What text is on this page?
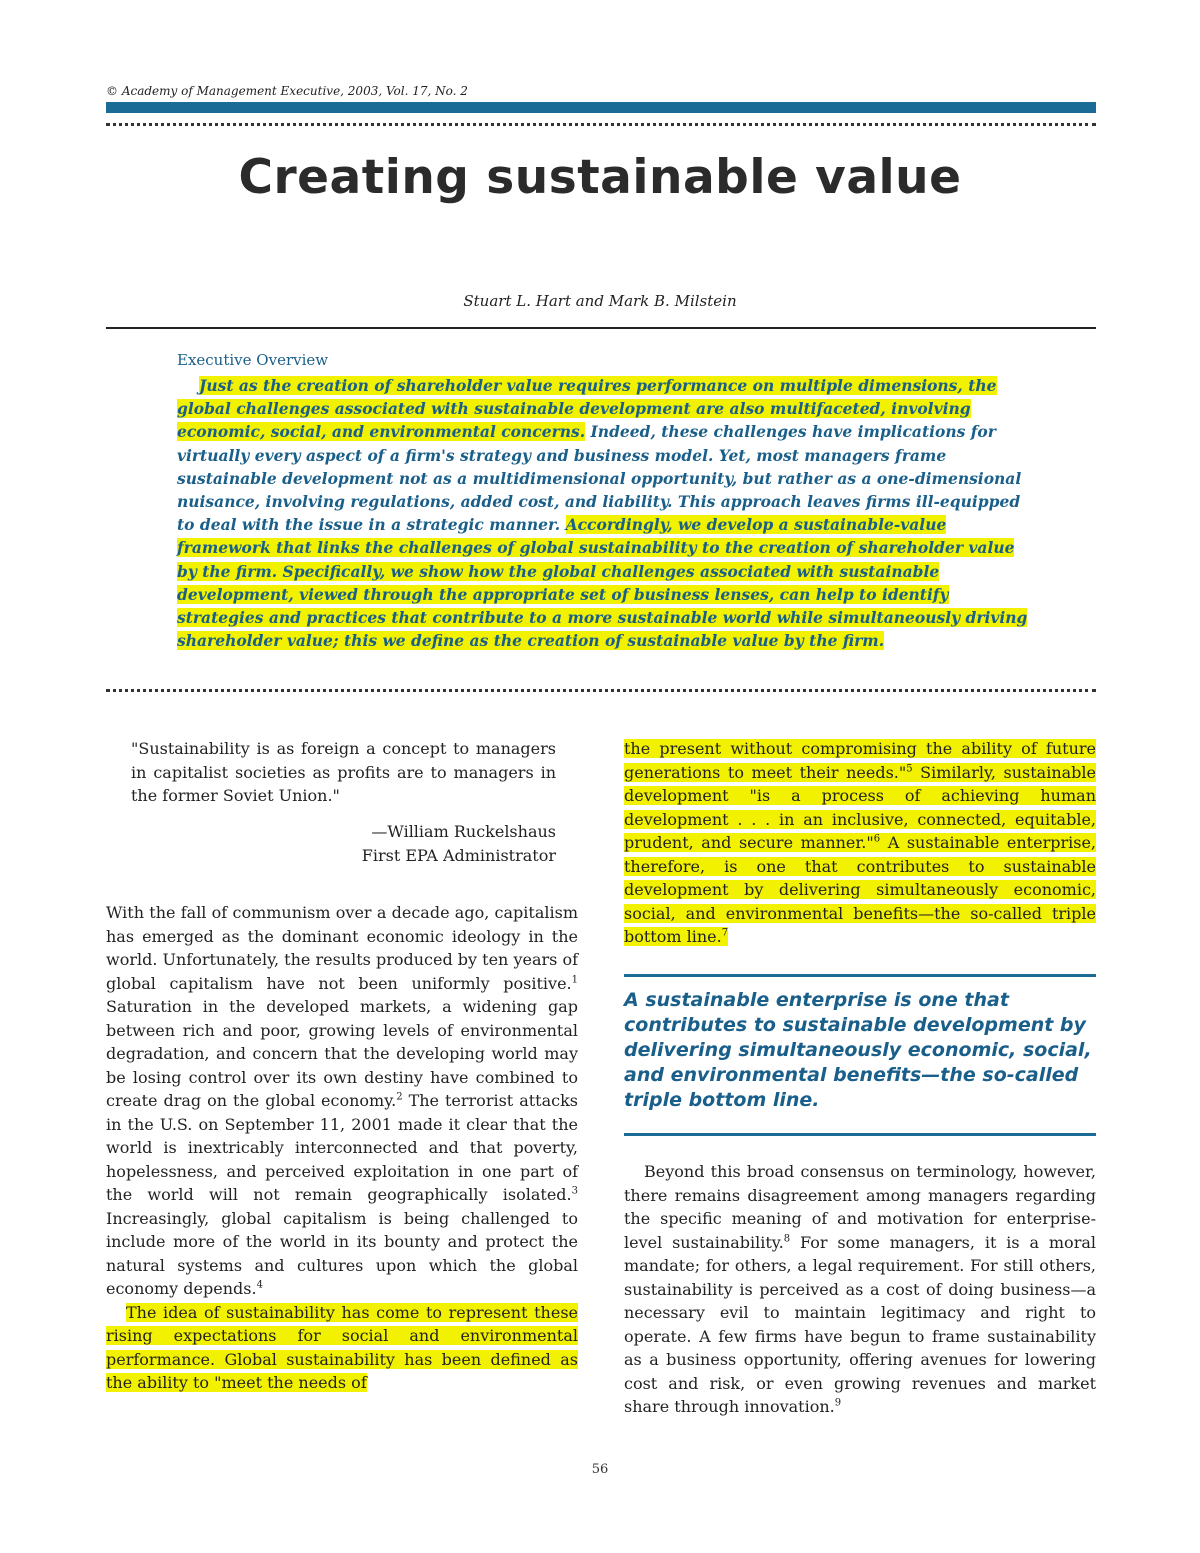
© Academy of Management Executive, 2003, Vol. 17, No. 2
Creating sustainable value
Stuart L. Hart and Mark B. Milstein
Executive Overview
Just as the creation of shareholder value requires performance on multiple dimensions, the global challenges associated with sustainable development are also multifaceted, involving economic, social, and environmental concerns. Indeed, these challenges have implications for virtually every aspect of a firm's strategy and business model. Yet, most managers frame sustainable development not as a multidimensional opportunity, but rather as a one-dimensional nuisance, involving regulations, added cost, and liability. This approach leaves firms ill-equipped to deal with the issue in a strategic manner. Accordingly, we develop a sustainable-value framework that links the challenges of global sustainability to the creation of shareholder value by the firm. Specifically, we show how the global challenges associated with sustainable development, viewed through the appropriate set of business lenses, can help to identify strategies and practices that contribute to a more sustainable world while simultaneously driving shareholder value; this we define as the creation of sustainable value by the firm.
"Sustainability is as foreign a concept to managers in capitalist societies as profits are to managers in the former Soviet Union."
—William Ruckelshaus
First EPA Administrator

With the fall of communism over a decade ago, capitalism has emerged as the dominant economic ideology in the world. Unfortunately, the results produced by ten years of global capitalism have not been uniformly positive.$^1$ Saturation in the developed markets, a widening gap between rich and poor, growing levels of environmental degradation, and concern that the developing world may be losing control over its own destiny have combined to create drag on the global economy.$^2$ The terrorist attacks in the U.S. on September 11, 2001 made it clear that the world is inextricably interconnected and that poverty, hopelessness, and perceived exploitation in one part of the world will not remain geographically isolated.$^3$ Increasingly, global capitalism is being challenged to include more of the world in its bounty and protect the natural systems and cultures upon which the global economy depends.$^4$

The idea of sustainability has come to represent these rising expectations for social and environmental performance. Global sustainability has been defined as the ability to "meet the needs of

the present without compromising the ability of future generations to meet their needs."$^5$ Similarly, sustainable development "is a process of achieving human development . . . in an inclusive, connected, equitable, prudent, and secure manner."$^6$ A sustainable enterprise, therefore, is one that contributes to sustainable development by delivering simultaneously economic, social, and environmental benefits—the so-called triple bottom line.$^7$
A sustainable enterprise is one that contributes to sustainable development by delivering simultaneously economic, social, and environmental benefits—the so-called triple bottom line.
Beyond this broad consensus on terminology, however, there remains disagreement among managers regarding the specific meaning of and motivation for enterprise-level sustainability.$^8$ For some managers, it is a moral mandate; for others, a legal requirement. For still others, sustainability is perceived as a cost of doing business—a necessary evil to maintain legitimacy and right to operate. A few firms have begun to frame sustainability as a business opportunity, offering avenues for lowering cost and risk, or even growing revenues and market share through innovation.$^9$
56
